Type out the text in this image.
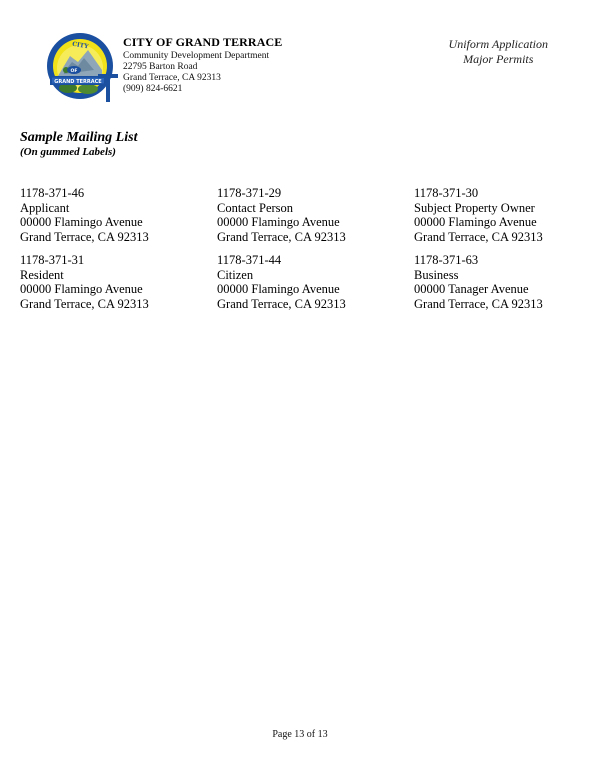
OF
GRAND TERRACE
CITY	CITY OF GRAND TERRACE
Community Development Department
22795 Barton Road
Grand Terrace, CA 92313
(909) 824-6621
Uniform Application
Major Permits
Sample Mailing List
(On gummed Labels)
1178-371-46
Applicant
00000 Flamingo Avenue
Grand Terrace, CA 92313
1178-371-29
Contact Person
00000 Flamingo Avenue
Grand Terrace, CA 92313
1178-371-30
Subject Property Owner
00000 Flamingo Avenue
Grand Terrace, CA 92313
1178-371-31
Resident
00000 Flamingo Avenue
Grand Terrace, CA 92313
1178-371-44
Citizen
00000 Flamingo Avenue
Grand Terrace, CA 92313
1178-371-63
Business
00000 Tanager Avenue
Grand Terrace, CA 92313
Page 13 of 13
